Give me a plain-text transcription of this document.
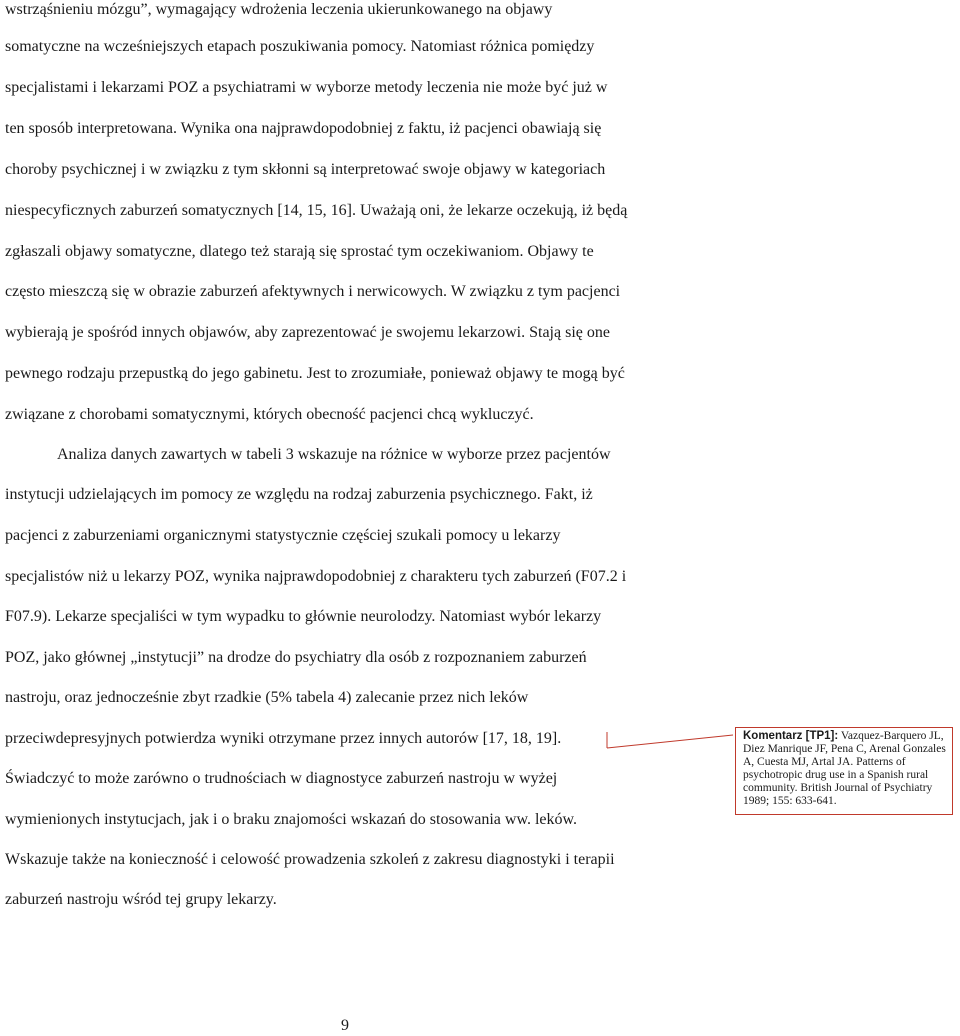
wstrząśnieniu mózgu”, wymagający wdrożenia leczenia ukierunkowanego na objawy

somatyczne na wcześniejszych etapach poszukiwania pomocy. Natomiast różnica pomiędzy

specjalistami i lekarzami POZ a psychiatrami w wyborze metody leczenia nie może być już w

ten sposób interpretowana. Wynika ona najprawdopodobniej z faktu, iż pacjenci obawiają się

choroby psychicznej i w związku z tym skłonni są interpretować swoje objawy w kategoriach

niespecyficznych zaburzeń somatycznych [14, 15, 16]. Uważają oni, że lekarze oczekują, iż będą

zgłaszali objawy somatyczne, dlatego też starają się sprostać tym oczekiwaniom. Objawy te

często mieszczą się w obrazie zaburzeń afektywnych i nerwicowych. W związku z tym pacjenci

wybierają je spośród innych objawów, aby zaprezentować je swojemu lekarzowi. Stają się one

pewnego rodzaju przepustką do jego gabinetu. Jest to zrozumiałe, ponieważ objawy te mogą być

związane z chorobami somatycznymi, których obecność pacjenci chcą wykluczyć.

Analiza danych zawartych w tabeli 3 wskazuje na różnice w wyborze przez pacjentów

instytucji udzielających im pomocy ze względu na rodzaj zaburzenia psychicznego. Fakt, iż

pacjenci z zaburzeniami organicznymi statystycznie częściej szukali pomocy u lekarzy

specjalistów niż u lekarzy POZ, wynika najprawdopodobniej z charakteru tych zaburzeń (F07.2 i

F07.9). Lekarze specjaliści w tym wypadku to głównie neurolodzy. Natomiast wybór lekarzy

POZ, jako głównej „instytucji” na drodze do psychiatry dla osób z rozpoznaniem zaburzeń

nastroju, oraz jednocześnie zbyt rzadkie (5% tabela 4) zalecanie przez nich leków

przeciwdepresyjnych potwierdza wyniki otrzymane przez innych autorów [17, 18, 19].

Świadczyć to może zarówno o trudnościach w diagnostyce zaburzeń nastroju w wyżej

wymienionych instytucjach, jak i o braku znajomości wskazań do stosowania ww. leków.

Wskazuje także na konieczność i celowość prowadzenia szkoleń z zakresu diagnostyki i terapii

zaburzeń nastroju wśród tej grupy lekarzy.

Komentarz [TP1]: Vazquez-Barquero JL, Diez Manrique JF, Pena C, Arenal Gonzales A, Cuesta MJ, Artal JA. Patterns of psychotropic drug use in a Spanish rural community. British Journal of Psychiatry 1989; 155: 633-641.

9
